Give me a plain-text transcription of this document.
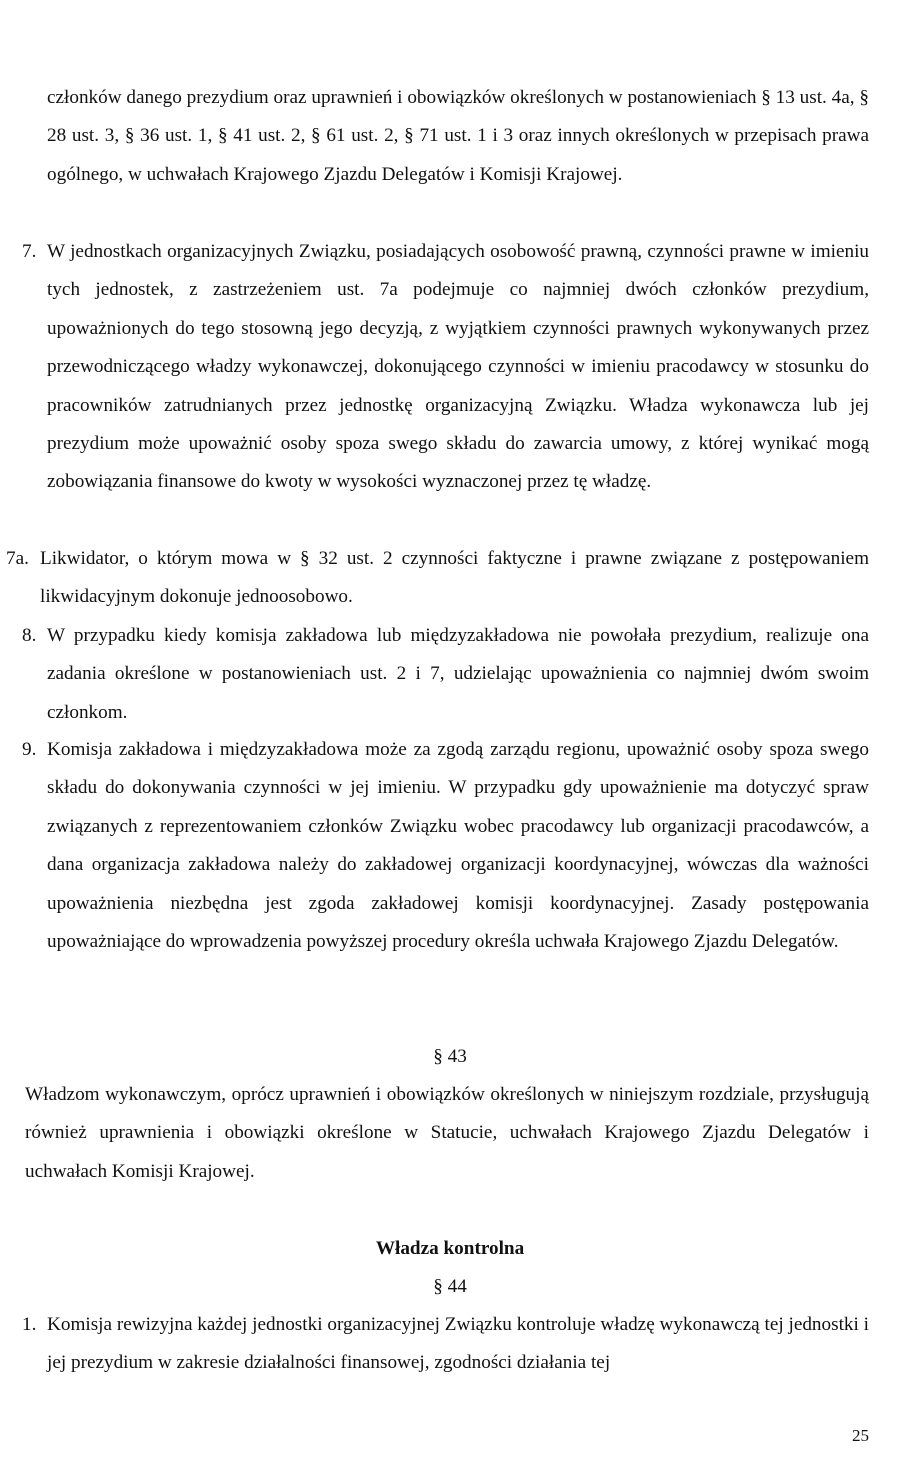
członków danego prezydium oraz uprawnień i obowiązków określonych w postanowieniach § 13 ust. 4a, § 28 ust. 3, § 36 ust. 1, § 41 ust. 2, § 61 ust. 2, § 71 ust. 1 i 3 oraz innych określonych w przepisach prawa ogólnego, w uchwałach Krajowego Zjazdu Delegatów i Komisji Krajowej.

7. W jednostkach organizacyjnych Związku, posiadających osobowość prawną, czynności prawne w imieniu tych jednostek, z zastrzeżeniem ust. 7a podejmuje co najmniej dwóch członków prezydium, upoważnionych do tego stosowną jego decyzją, z wyjątkiem czynności prawnych wykonywanych przez przewodniczącego władzy wykonawczej, dokonującego czynności w imieniu pracodawcy w stosunku do pracowników zatrudnianych przez jednostkę organizacyjną Związku. Władza wykonawcza lub jej prezydium może upoważnić osoby spoza swego składu do zawarcia umowy, z której wynikać mogą zobowiązania finansowe do kwoty w wysokości wyznaczonej przez tę władzę.

7a. Likwidator, o którym mowa w § 32 ust. 2 czynności faktyczne i prawne związane z postępowaniem likwidacyjnym dokonuje jednoosobowo.

8. W przypadku kiedy komisja zakładowa lub międzyzakładowa nie powołała prezydium, realizuje ona zadania określone w postanowieniach ust. 2 i 7, udzielając upoważnienia co najmniej dwóm swoim członkom.

9. Komisja zakładowa i międzyzakładowa może za zgodą zarządu regionu, upoważnić osoby spoza swego składu do dokonywania czynności w jej imieniu. W przypadku gdy upoważnienie ma dotyczyć spraw związanych z reprezentowaniem członków Związku wobec pracodawcy lub organizacji pracodawców, a dana organizacja zakładowa należy do zakładowej organizacji koordynacyjnej, wówczas dla ważności upoważnienia niezbędna jest zgoda zakładowej komisji koordynacyjnej. Zasady postępowania upoważniające do wprowadzenia powyższej procedury określa uchwała Krajowego Zjazdu Delegatów.

§ 43

Władzom wykonawczym, oprócz uprawnień i obowiązków określonych w niniejszym rozdziale, przysługują również uprawnienia i obowiązki określone w Statucie, uchwałach Krajowego Zjazdu Delegatów i uchwałach Komisji Krajowej.

Władza kontrolna
§ 44
1. Komisja rewizyjna każdej jednostki organizacyjnej Związku kontroluje władzę wykonawczą tej jednostki i jej prezydium w zakresie działalności finansowej, zgodności działania tej

25
